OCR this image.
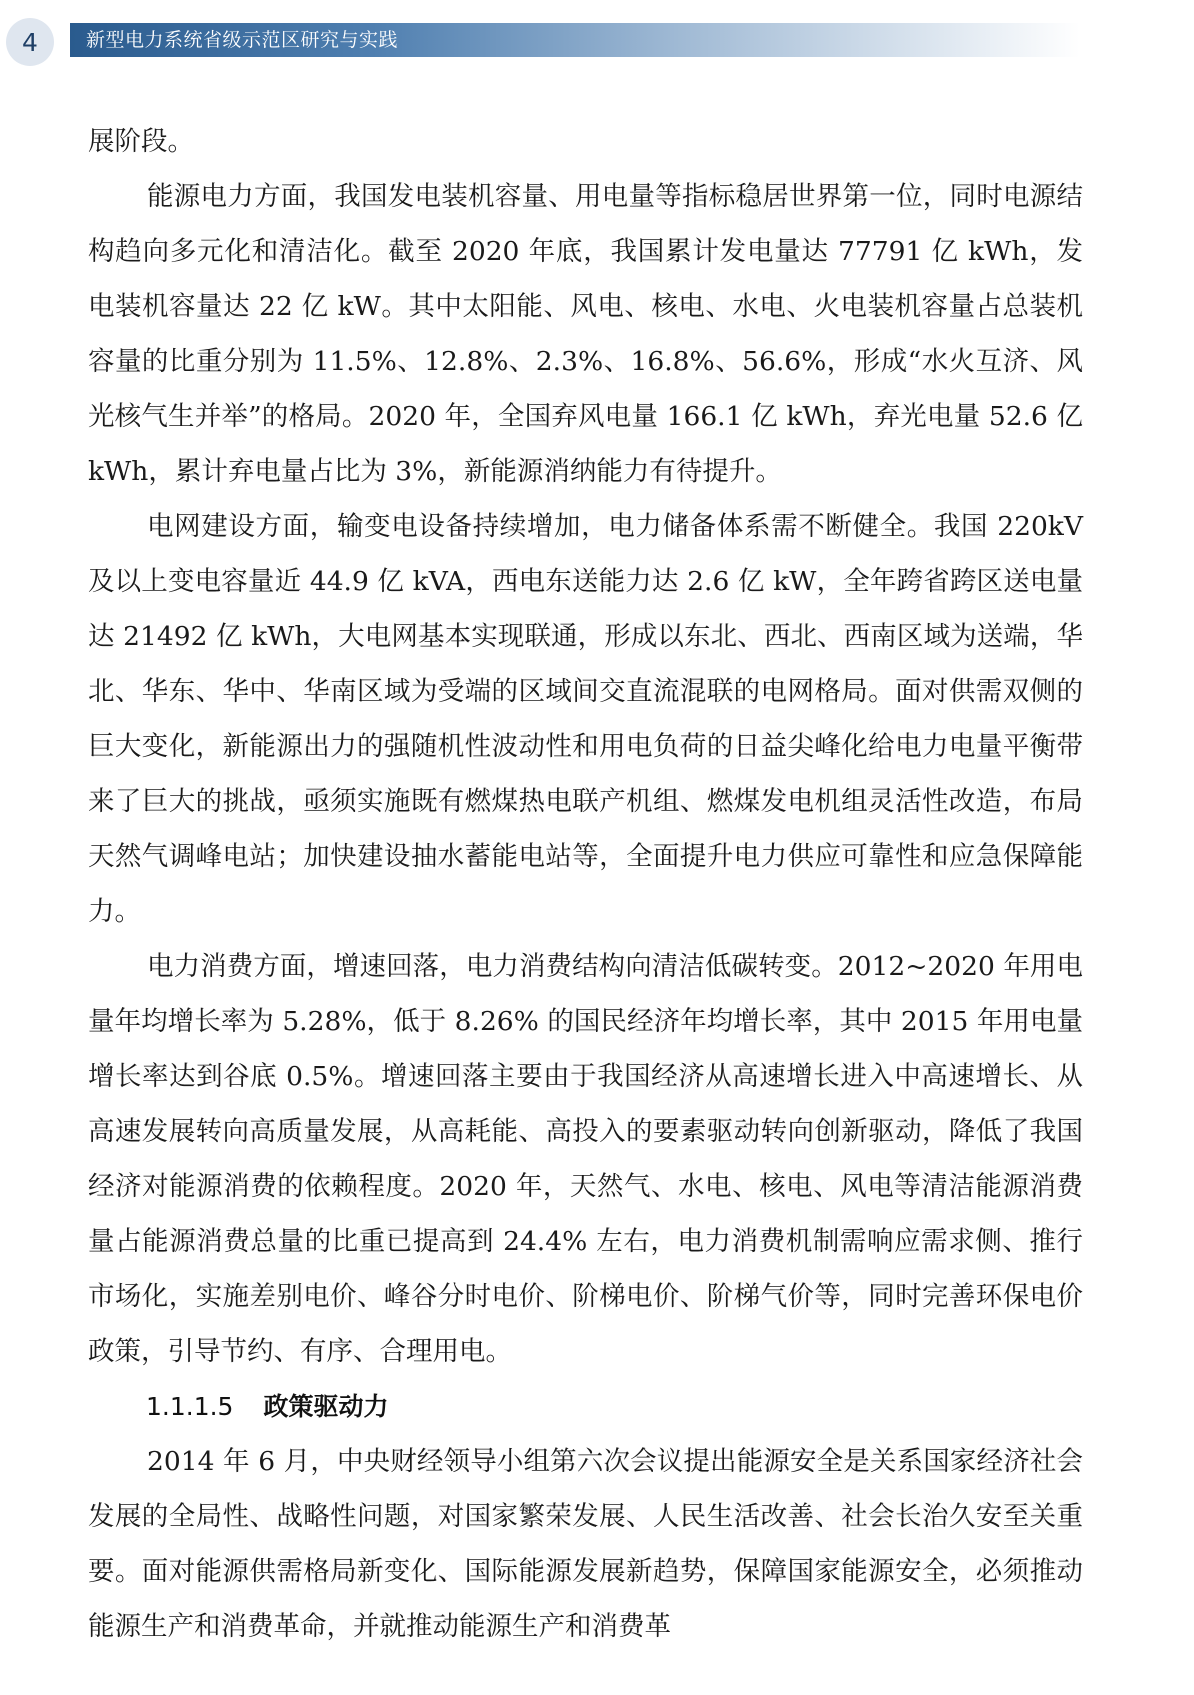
4	新型电力系统省级示范区研究与实践

展阶段。

能源电力方面，我国发电装机容量、用电量等指标稳居世界第一位，同时电源结构趋向多元化和清洁化。截至 2020 年底，我国累计发电量达 77791 亿 kWh，发电装机容量达 22 亿 kW。其中太阳能、风电、核电、水电、火电装机容量占总装机容量的比重分别为 11.5%、12.8%、2.3%、16.8%、56.6%，形成“水火互济、风光核气生并举”的格局。2020 年，全国弃风电量 166.1 亿 kWh，弃光电量 52.6 亿 kWh，累计弃电量占比为 3%，新能源消纳能力有待提升。

电网建设方面，输变电设备持续增加，电力储备体系需不断健全。我国 220kV 及以上变电容量近 44.9 亿 kVA，西电东送能力达 2.6 亿 kW，全年跨省跨区送电量达 21492 亿 kWh，大电网基本实现联通，形成以东北、西北、西南区域为送端，华北、华东、华中、华南区域为受端的区域间交直流混联的电网格局。面对供需双侧的巨大变化，新能源出力的强随机性波动性和用电负荷的日益尖峰化给电力电量平衡带来了巨大的挑战，亟须实施既有燃煤热电联产机组、燃煤发电机组灵活性改造，布局天然气调峰电站；加快建设抽水蓄能电站等，全面提升电力供应可靠性和应急保障能力。

电力消费方面，增速回落，电力消费结构向清洁低碳转变。2012~2020 年用电量年均增长率为 5.28%，低于 8.26% 的国民经济年均增长率，其中 2015 年用电量增长率达到谷底 0.5%。增速回落主要由于我国经济从高速增长进入中高速增长、从高速发展转向高质量发展，从高耗能、高投入的要素驱动转向创新驱动，降低了我国经济对能源消费的依赖程度。2020 年，天然气、水电、核电、风电等清洁能源消费量占能源消费总量的比重已提高到 24.4% 左右，电力消费机制需响应需求侧、推行市场化，实施差别电价、峰谷分时电价、阶梯电价、阶梯气价等，同时完善环保电价政策，引导节约、有序、合理用电。

1.1.1.5 政策驱动力

2014 年 6 月，中央财经领导小组第六次会议提出能源安全是关系国家经济社会发展的全局性、战略性问题，对国家繁荣发展、人民生活改善、社会长治久安至关重要。面对能源供需格局新变化、国际能源发展新趋势，保障国家能源安全，必须推动能源生产和消费革命，并就推动能源生产和消费革
